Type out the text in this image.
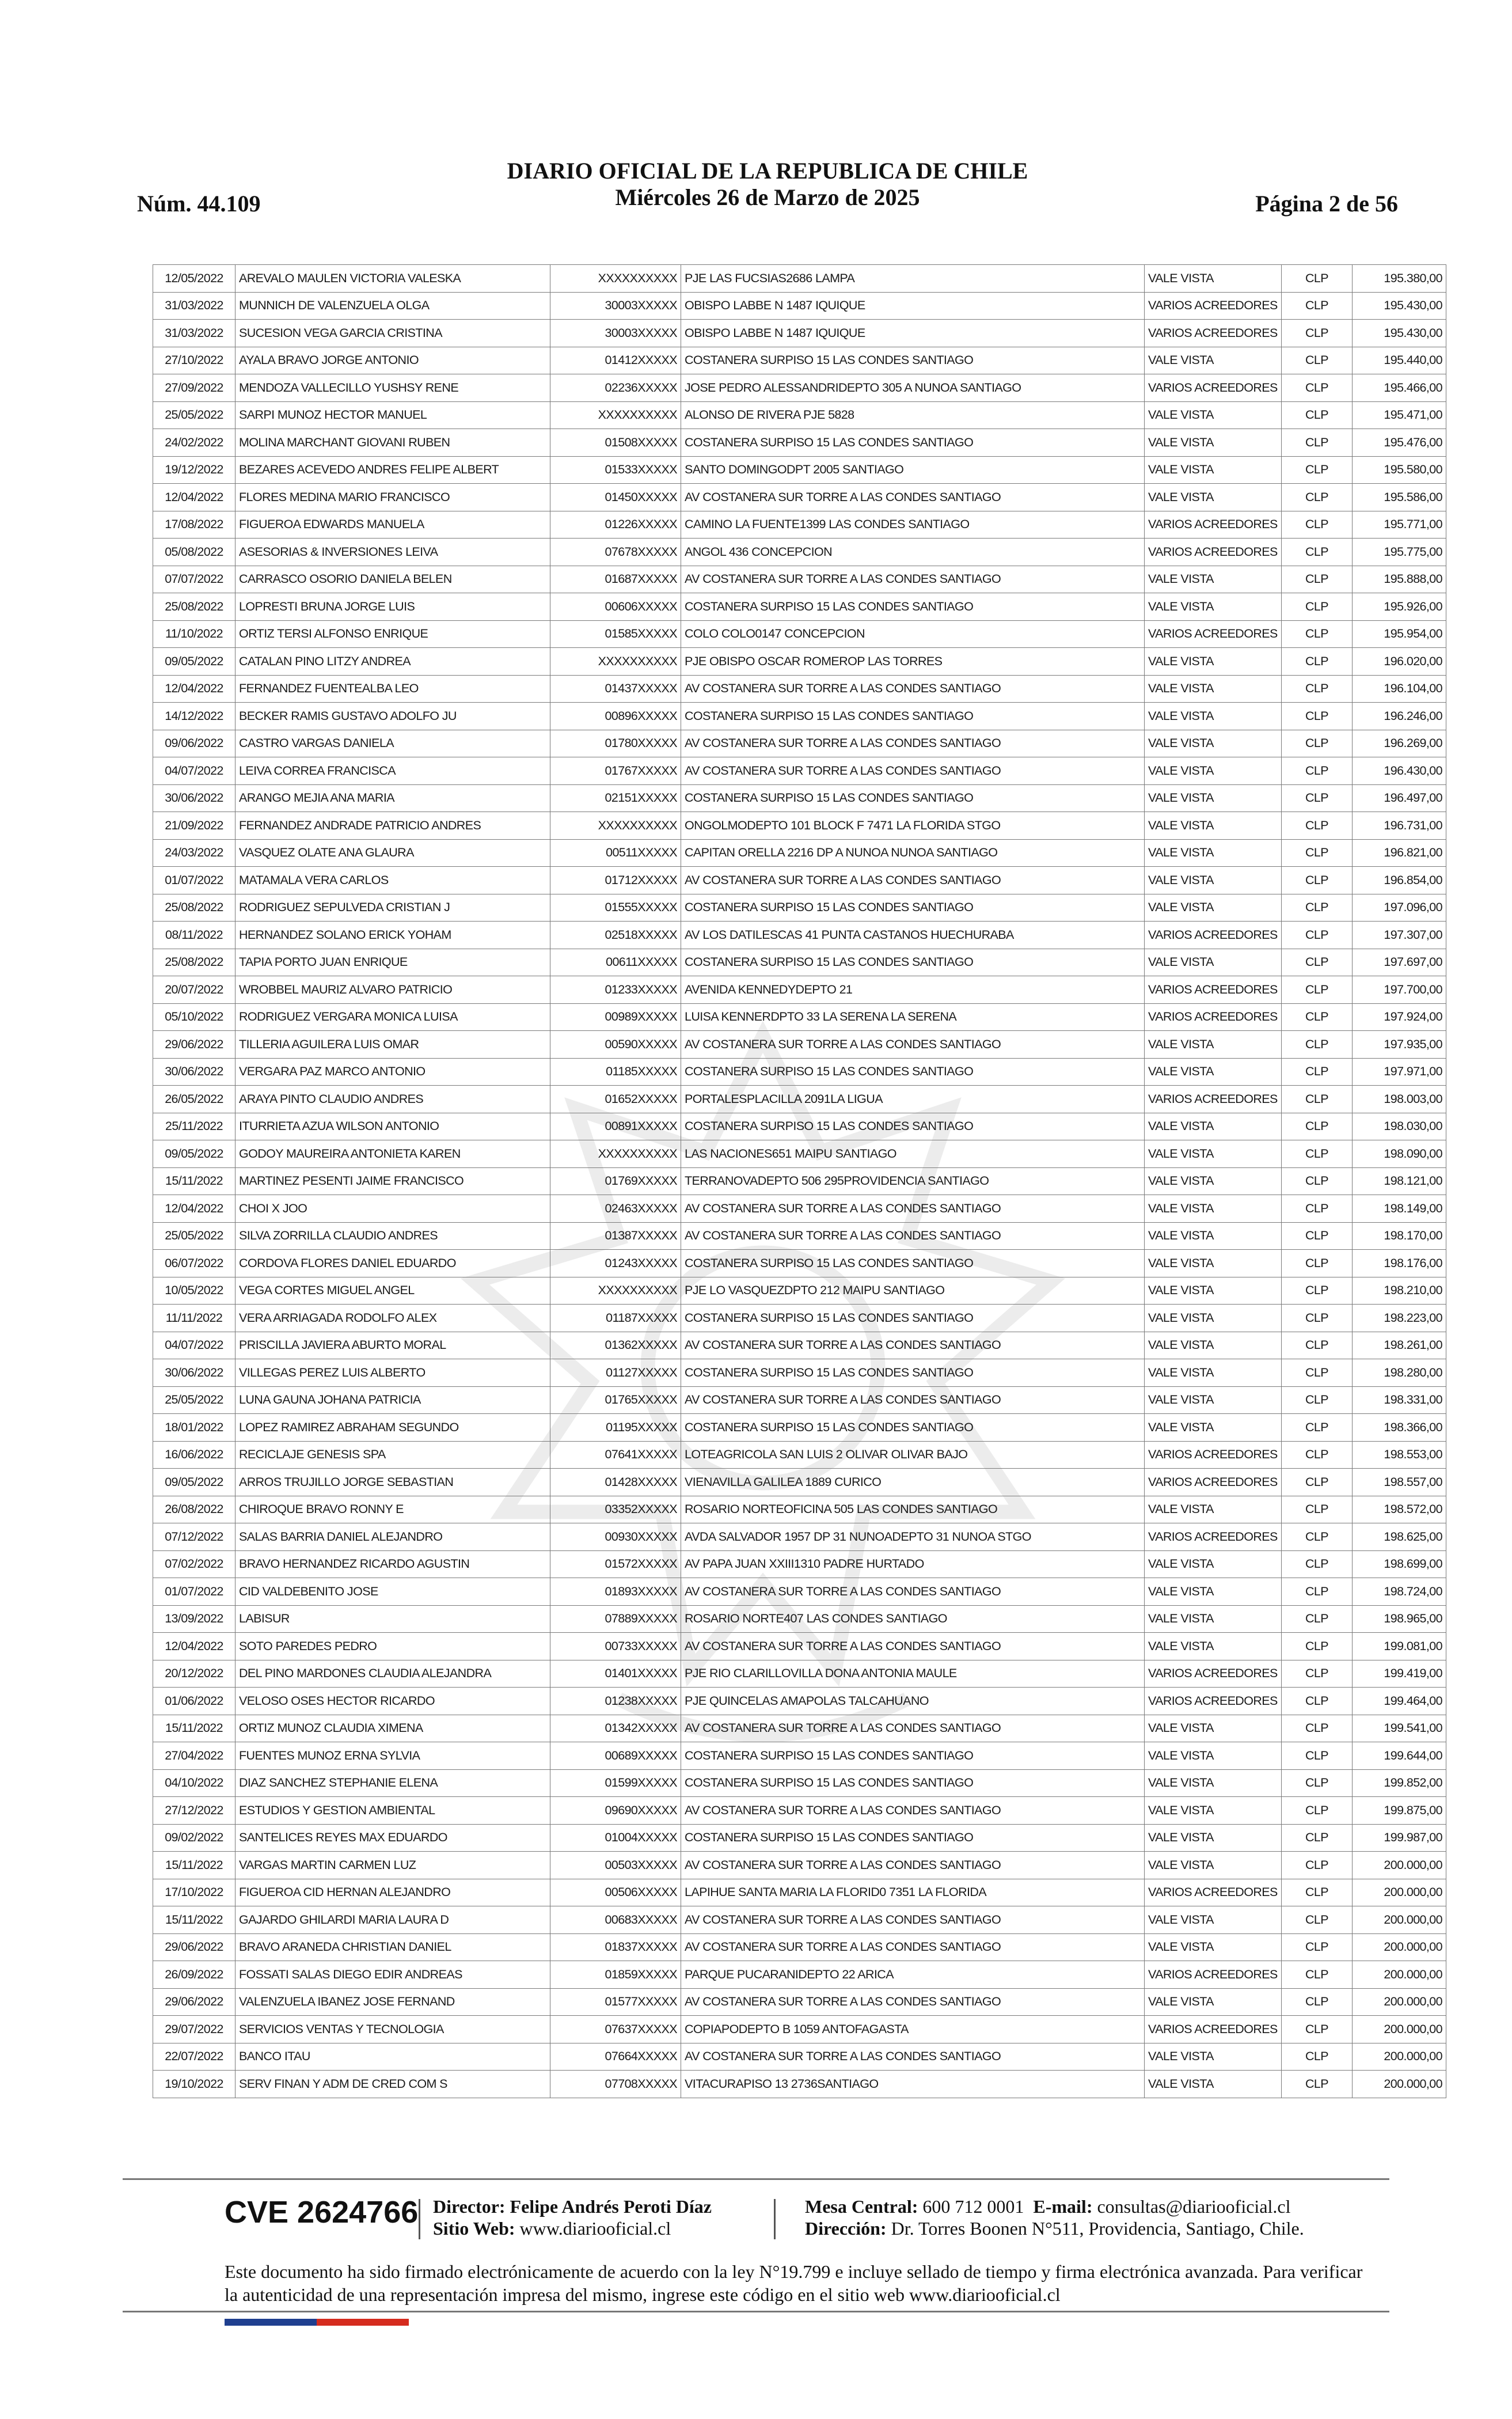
Núm. 44.109
DIARIO OFICIAL DE LA REPUBLICA DE CHILE
Miércoles 26 de Marzo de 2025	Página 2 de 56
12/05/2022	AREVALO MAULEN VICTORIA VALESKA	XXXXXXXXXX	PJE LAS FUCSIAS2686 LAMPA	VALE VISTA	CLP	195.380,00
31/03/2022	MUNNICH DE VALENZUELA OLGA	30003XXXXX	OBISPO LABBE N 1487 IQUIQUE	VARIOS ACREEDORES	CLP	195.430,00
31/03/2022	SUCESION VEGA GARCIA CRISTINA	30003XXXXX	OBISPO LABBE N 1487 IQUIQUE	VARIOS ACREEDORES	CLP	195.430,00
27/10/2022	AYALA BRAVO JORGE ANTONIO	01412XXXXX	COSTANERA SURPISO 15 LAS CONDES SANTIAGO	VALE VISTA	CLP	195.440,00
27/09/2022	MENDOZA VALLECILLO YUSHSY RENE	02236XXXXX	JOSE PEDRO ALESSANDRIDEPTO 305 A NUNOA SANTIAGO	VARIOS ACREEDORES	CLP	195.466,00
25/05/2022	SARPI MUNOZ HECTOR MANUEL	XXXXXXXXXX	ALONSO DE RIVERA PJE 5828	VALE VISTA	CLP	195.471,00
24/02/2022	MOLINA MARCHANT GIOVANI RUBEN	01508XXXXX	COSTANERA SURPISO 15 LAS CONDES SANTIAGO	VALE VISTA	CLP	195.476,00
19/12/2022	BEZARES ACEVEDO ANDRES FELIPE ALBERT	01533XXXXX	SANTO DOMINGODPT 2005 SANTIAGO	VALE VISTA	CLP	195.580,00
12/04/2022	FLORES MEDINA MARIO FRANCISCO	01450XXXXX	AV COSTANERA SUR TORRE A LAS CONDES SANTIAGO	VALE VISTA	CLP	195.586,00
17/08/2022	FIGUEROA EDWARDS MANUELA	01226XXXXX	CAMINO LA FUENTE1399 LAS CONDES SANTIAGO	VARIOS ACREEDORES	CLP	195.771,00
05/08/2022	ASESORIAS & INVERSIONES LEIVA	07678XXXXX	ANGOL 436 CONCEPCION	VARIOS ACREEDORES	CLP	195.775,00
07/07/2022	CARRASCO OSORIO DANIELA BELEN	01687XXXXX	AV COSTANERA SUR TORRE A LAS CONDES SANTIAGO	VALE VISTA	CLP	195.888,00
25/08/2022	LOPRESTI BRUNA JORGE LUIS	00606XXXXX	COSTANERA SURPISO 15 LAS CONDES SANTIAGO	VALE VISTA	CLP	195.926,00
11/10/2022	ORTIZ TERSI ALFONSO ENRIQUE	01585XXXXX	COLO COLO0147 CONCEPCION	VARIOS ACREEDORES	CLP	195.954,00
09/05/2022	CATALAN PINO LITZY ANDREA	XXXXXXXXXX	PJE OBISPO OSCAR ROMEROP LAS TORRES	VALE VISTA	CLP	196.020,00
12/04/2022	FERNANDEZ FUENTEALBA LEO	01437XXXXX	AV COSTANERA SUR TORRE A LAS CONDES SANTIAGO	VALE VISTA	CLP	196.104,00
14/12/2022	BECKER RAMIS GUSTAVO ADOLFO JU	00896XXXXX	COSTANERA SURPISO 15 LAS CONDES SANTIAGO	VALE VISTA	CLP	196.246,00
09/06/2022	CASTRO VARGAS DANIELA	01780XXXXX	AV COSTANERA SUR TORRE A LAS CONDES SANTIAGO	VALE VISTA	CLP	196.269,00
04/07/2022	LEIVA CORREA FRANCISCA	01767XXXXX	AV COSTANERA SUR TORRE A LAS CONDES SANTIAGO	VALE VISTA	CLP	196.430,00
30/06/2022	ARANGO MEJIA ANA MARIA	02151XXXXX	COSTANERA SURPISO 15 LAS CONDES SANTIAGO	VALE VISTA	CLP	196.497,00
21/09/2022	FERNANDEZ ANDRADE PATRICIO ANDRES	XXXXXXXXXX	ONGOLMODEPTO 101 BLOCK F 7471 LA FLORIDA STGO	VALE VISTA	CLP	196.731,00
24/03/2022	VASQUEZ OLATE ANA GLAURA	00511XXXXX	CAPITAN ORELLA 2216 DP A NUNOA NUNOA SANTIAGO	VALE VISTA	CLP	196.821,00
01/07/2022	MATAMALA VERA CARLOS	01712XXXXX	AV COSTANERA SUR TORRE A LAS CONDES SANTIAGO	VALE VISTA	CLP	196.854,00
25/08/2022	RODRIGUEZ SEPULVEDA CRISTIAN J	01555XXXXX	COSTANERA SURPISO 15 LAS CONDES SANTIAGO	VALE VISTA	CLP	197.096,00
08/11/2022	HERNANDEZ SOLANO ERICK YOHAM	02518XXXXX	AV LOS DATILESCAS 41 PUNTA CASTANOS HUECHURABA	VARIOS ACREEDORES	CLP	197.307,00
25/08/2022	TAPIA PORTO JUAN ENRIQUE	00611XXXXX	COSTANERA SURPISO 15 LAS CONDES SANTIAGO	VALE VISTA	CLP	197.697,00
20/07/2022	WROBBEL MAURIZ ALVARO PATRICIO	01233XXXXX	AVENIDA KENNEDYDEPTO 21	VARIOS ACREEDORES	CLP	197.700,00
05/10/2022	RODRIGUEZ VERGARA MONICA LUISA	00989XXXXX	LUISA KENNERDPTO 33 LA SERENA LA SERENA	VARIOS ACREEDORES	CLP	197.924,00
29/06/2022	TILLERIA AGUILERA LUIS OMAR	00590XXXXX	AV COSTANERA SUR TORRE A LAS CONDES SANTIAGO	VALE VISTA	CLP	197.935,00
30/06/2022	VERGARA PAZ MARCO ANTONIO	01185XXXXX	COSTANERA SURPISO 15 LAS CONDES SANTIAGO	VALE VISTA	CLP	197.971,00
26/05/2022	ARAYA PINTO CLAUDIO ANDRES	01652XXXXX	PORTALESPLACILLA 2091LA LIGUA	VARIOS ACREEDORES	CLP	198.003,00
25/11/2022	ITURRIETA AZUA WILSON ANTONIO	00891XXXXX	COSTANERA SURPISO 15 LAS CONDES SANTIAGO	VALE VISTA	CLP	198.030,00
09/05/2022	GODOY MAUREIRA ANTONIETA KAREN	XXXXXXXXXX	LAS NACIONES651 MAIPU SANTIAGO	VALE VISTA	CLP	198.090,00
15/11/2022	MARTINEZ PESENTI JAIME FRANCISCO	01769XXXXX	TERRANOVADEPTO 506 295PROVIDENCIA SANTIAGO	VALE VISTA	CLP	198.121,00
12/04/2022	CHOI X JOO	02463XXXXX	AV COSTANERA SUR TORRE A LAS CONDES SANTIAGO	VALE VISTA	CLP	198.149,00
25/05/2022	SILVA ZORRILLA CLAUDIO ANDRES	01387XXXXX	AV COSTANERA SUR TORRE A LAS CONDES SANTIAGO	VALE VISTA	CLP	198.170,00
06/07/2022	CORDOVA FLORES DANIEL EDUARDO	01243XXXXX	COSTANERA SURPISO 15 LAS CONDES SANTIAGO	VALE VISTA	CLP	198.176,00
10/05/2022	VEGA CORTES MIGUEL ANGEL	XXXXXXXXXX	PJE LO VASQUEZDPTO 212 MAIPU SANTIAGO	VALE VISTA	CLP	198.210,00
11/11/2022	VERA ARRIAGADA RODOLFO ALEX	01187XXXXX	COSTANERA SURPISO 15 LAS CONDES SANTIAGO	VALE VISTA	CLP	198.223,00
04/07/2022	PRISCILLA JAVIERA ABURTO MORAL	01362XXXXX	AV COSTANERA SUR TORRE A LAS CONDES SANTIAGO	VALE VISTA	CLP	198.261,00
30/06/2022	VILLEGAS PEREZ LUIS ALBERTO	01127XXXXX	COSTANERA SURPISO 15 LAS CONDES SANTIAGO	VALE VISTA	CLP	198.280,00
25/05/2022	LUNA GAUNA JOHANA PATRICIA	01765XXXXX	AV COSTANERA SUR TORRE A LAS CONDES SANTIAGO	VALE VISTA	CLP	198.331,00
18/01/2022	LOPEZ RAMIREZ ABRAHAM SEGUNDO	01195XXXXX	COSTANERA SURPISO 15 LAS CONDES SANTIAGO	VALE VISTA	CLP	198.366,00
16/06/2022	RECICLAJE GENESIS SPA	07641XXXXX	LOTEAGRICOLA SAN LUIS 2 OLIVAR OLIVAR BAJO	VARIOS ACREEDORES	CLP	198.553,00
09/05/2022	ARROS TRUJILLO JORGE SEBASTIAN	01428XXXXX	VIENAVILLA GALILEA 1889 CURICO	VARIOS ACREEDORES	CLP	198.557,00
26/08/2022	CHIROQUE BRAVO RONNY E	03352XXXXX	ROSARIO NORTEOFICINA 505 LAS CONDES SANTIAGO	VALE VISTA	CLP	198.572,00
07/12/2022	SALAS BARRIA DANIEL ALEJANDRO	00930XXXXX	AVDA SALVADOR 1957 DP 31 NUNOADEPTO 31 NUNOA STGO	VARIOS ACREEDORES	CLP	198.625,00
07/02/2022	BRAVO HERNANDEZ RICARDO AGUSTIN	01572XXXXX	AV PAPA JUAN XXIII1310 PADRE HURTADO	VALE VISTA	CLP	198.699,00
01/07/2022	CID VALDEBENITO JOSE	01893XXXXX	AV COSTANERA SUR TORRE A LAS CONDES SANTIAGO	VALE VISTA	CLP	198.724,00
13/09/2022	LABISUR	07889XXXXX	ROSARIO NORTE407 LAS CONDES SANTIAGO	VALE VISTA	CLP	198.965,00
12/04/2022	SOTO PAREDES PEDRO	00733XXXXX	AV COSTANERA SUR TORRE A LAS CONDES SANTIAGO	VALE VISTA	CLP	199.081,00
20/12/2022	DEL PINO MARDONES CLAUDIA ALEJANDRA	01401XXXXX	PJE RIO CLARILLOVILLA DONA ANTONIA MAULE	VARIOS ACREEDORES	CLP	199.419,00
01/06/2022	VELOSO OSES HECTOR RICARDO	01238XXXXX	PJE QUINCELAS AMAPOLAS TALCAHUANO	VARIOS ACREEDORES	CLP	199.464,00
15/11/2022	ORTIZ MUNOZ CLAUDIA XIMENA	01342XXXXX	AV COSTANERA SUR TORRE A LAS CONDES SANTIAGO	VALE VISTA	CLP	199.541,00
27/04/2022	FUENTES MUNOZ ERNA SYLVIA	00689XXXXX	COSTANERA SURPISO 15 LAS CONDES SANTIAGO	VALE VISTA	CLP	199.644,00
04/10/2022	DIAZ SANCHEZ STEPHANIE ELENA	01599XXXXX	COSTANERA SURPISO 15 LAS CONDES SANTIAGO	VALE VISTA	CLP	199.852,00
27/12/2022	ESTUDIOS Y GESTION AMBIENTAL	09690XXXXX	AV COSTANERA SUR TORRE A LAS CONDES SANTIAGO	VALE VISTA	CLP	199.875,00
09/02/2022	SANTELICES REYES MAX EDUARDO	01004XXXXX	COSTANERA SURPISO 15 LAS CONDES SANTIAGO	VALE VISTA	CLP	199.987,00
15/11/2022	VARGAS MARTIN CARMEN LUZ	00503XXXXX	AV COSTANERA SUR TORRE A LAS CONDES SANTIAGO	VALE VISTA	CLP	200.000,00
17/10/2022	FIGUEROA CID HERNAN ALEJANDRO	00506XXXXX	LAPIHUE SANTA MARIA LA FLORID0 7351 LA FLORIDA	VARIOS ACREEDORES	CLP	200.000,00
15/11/2022	GAJARDO GHILARDI MARIA LAURA D	00683XXXXX	AV COSTANERA SUR TORRE A LAS CONDES SANTIAGO	VALE VISTA	CLP	200.000,00
29/06/2022	BRAVO ARANEDA CHRISTIAN DANIEL	01837XXXXX	AV COSTANERA SUR TORRE A LAS CONDES SANTIAGO	VALE VISTA	CLP	200.000,00
26/09/2022	FOSSATI SALAS DIEGO EDIR ANDREAS	01859XXXXX	PARQUE PUCARANIDEPTO 22 ARICA	VARIOS ACREEDORES	CLP	200.000,00
29/06/2022	VALENZUELA IBANEZ JOSE FERNAND	01577XXXXX	AV COSTANERA SUR TORRE A LAS CONDES SANTIAGO	VALE VISTA	CLP	200.000,00
29/07/2022	SERVICIOS VENTAS Y TECNOLOGIA	07637XXXXX	COPIAPODEPTO B 1059 ANTOFAGASTA	VARIOS ACREEDORES	CLP	200.000,00
22/07/2022	BANCO ITAU	07664XXXXX	AV COSTANERA SUR TORRE A LAS CONDES SANTIAGO	VALE VISTA	CLP	200.000,00
19/10/2022	SERV FINAN Y ADM DE CRED COM S	07708XXXXX	VITACURAPISO 13 2736SANTIAGO	VALE VISTA	CLP	200.000,00
CVE 2624766 Director: Felipe Andrés Peroti Díaz
Sitio Web: www.diariooficial.cl
Mesa Central: 600 712 0001 E-mail: consultas@diariooficial.cl
Dirección: Dr. Torres Boonen N°511, Providencia, Santiago, Chile.
Este documento ha sido firmado electrónicamente de acuerdo con la ley N°19.799 e incluye sellado de tiempo y firma electrónica avanzada. Para verificar la autenticidad de una representación impresa del mismo, ingrese este código en el sitio web www.diariooficial.cl
